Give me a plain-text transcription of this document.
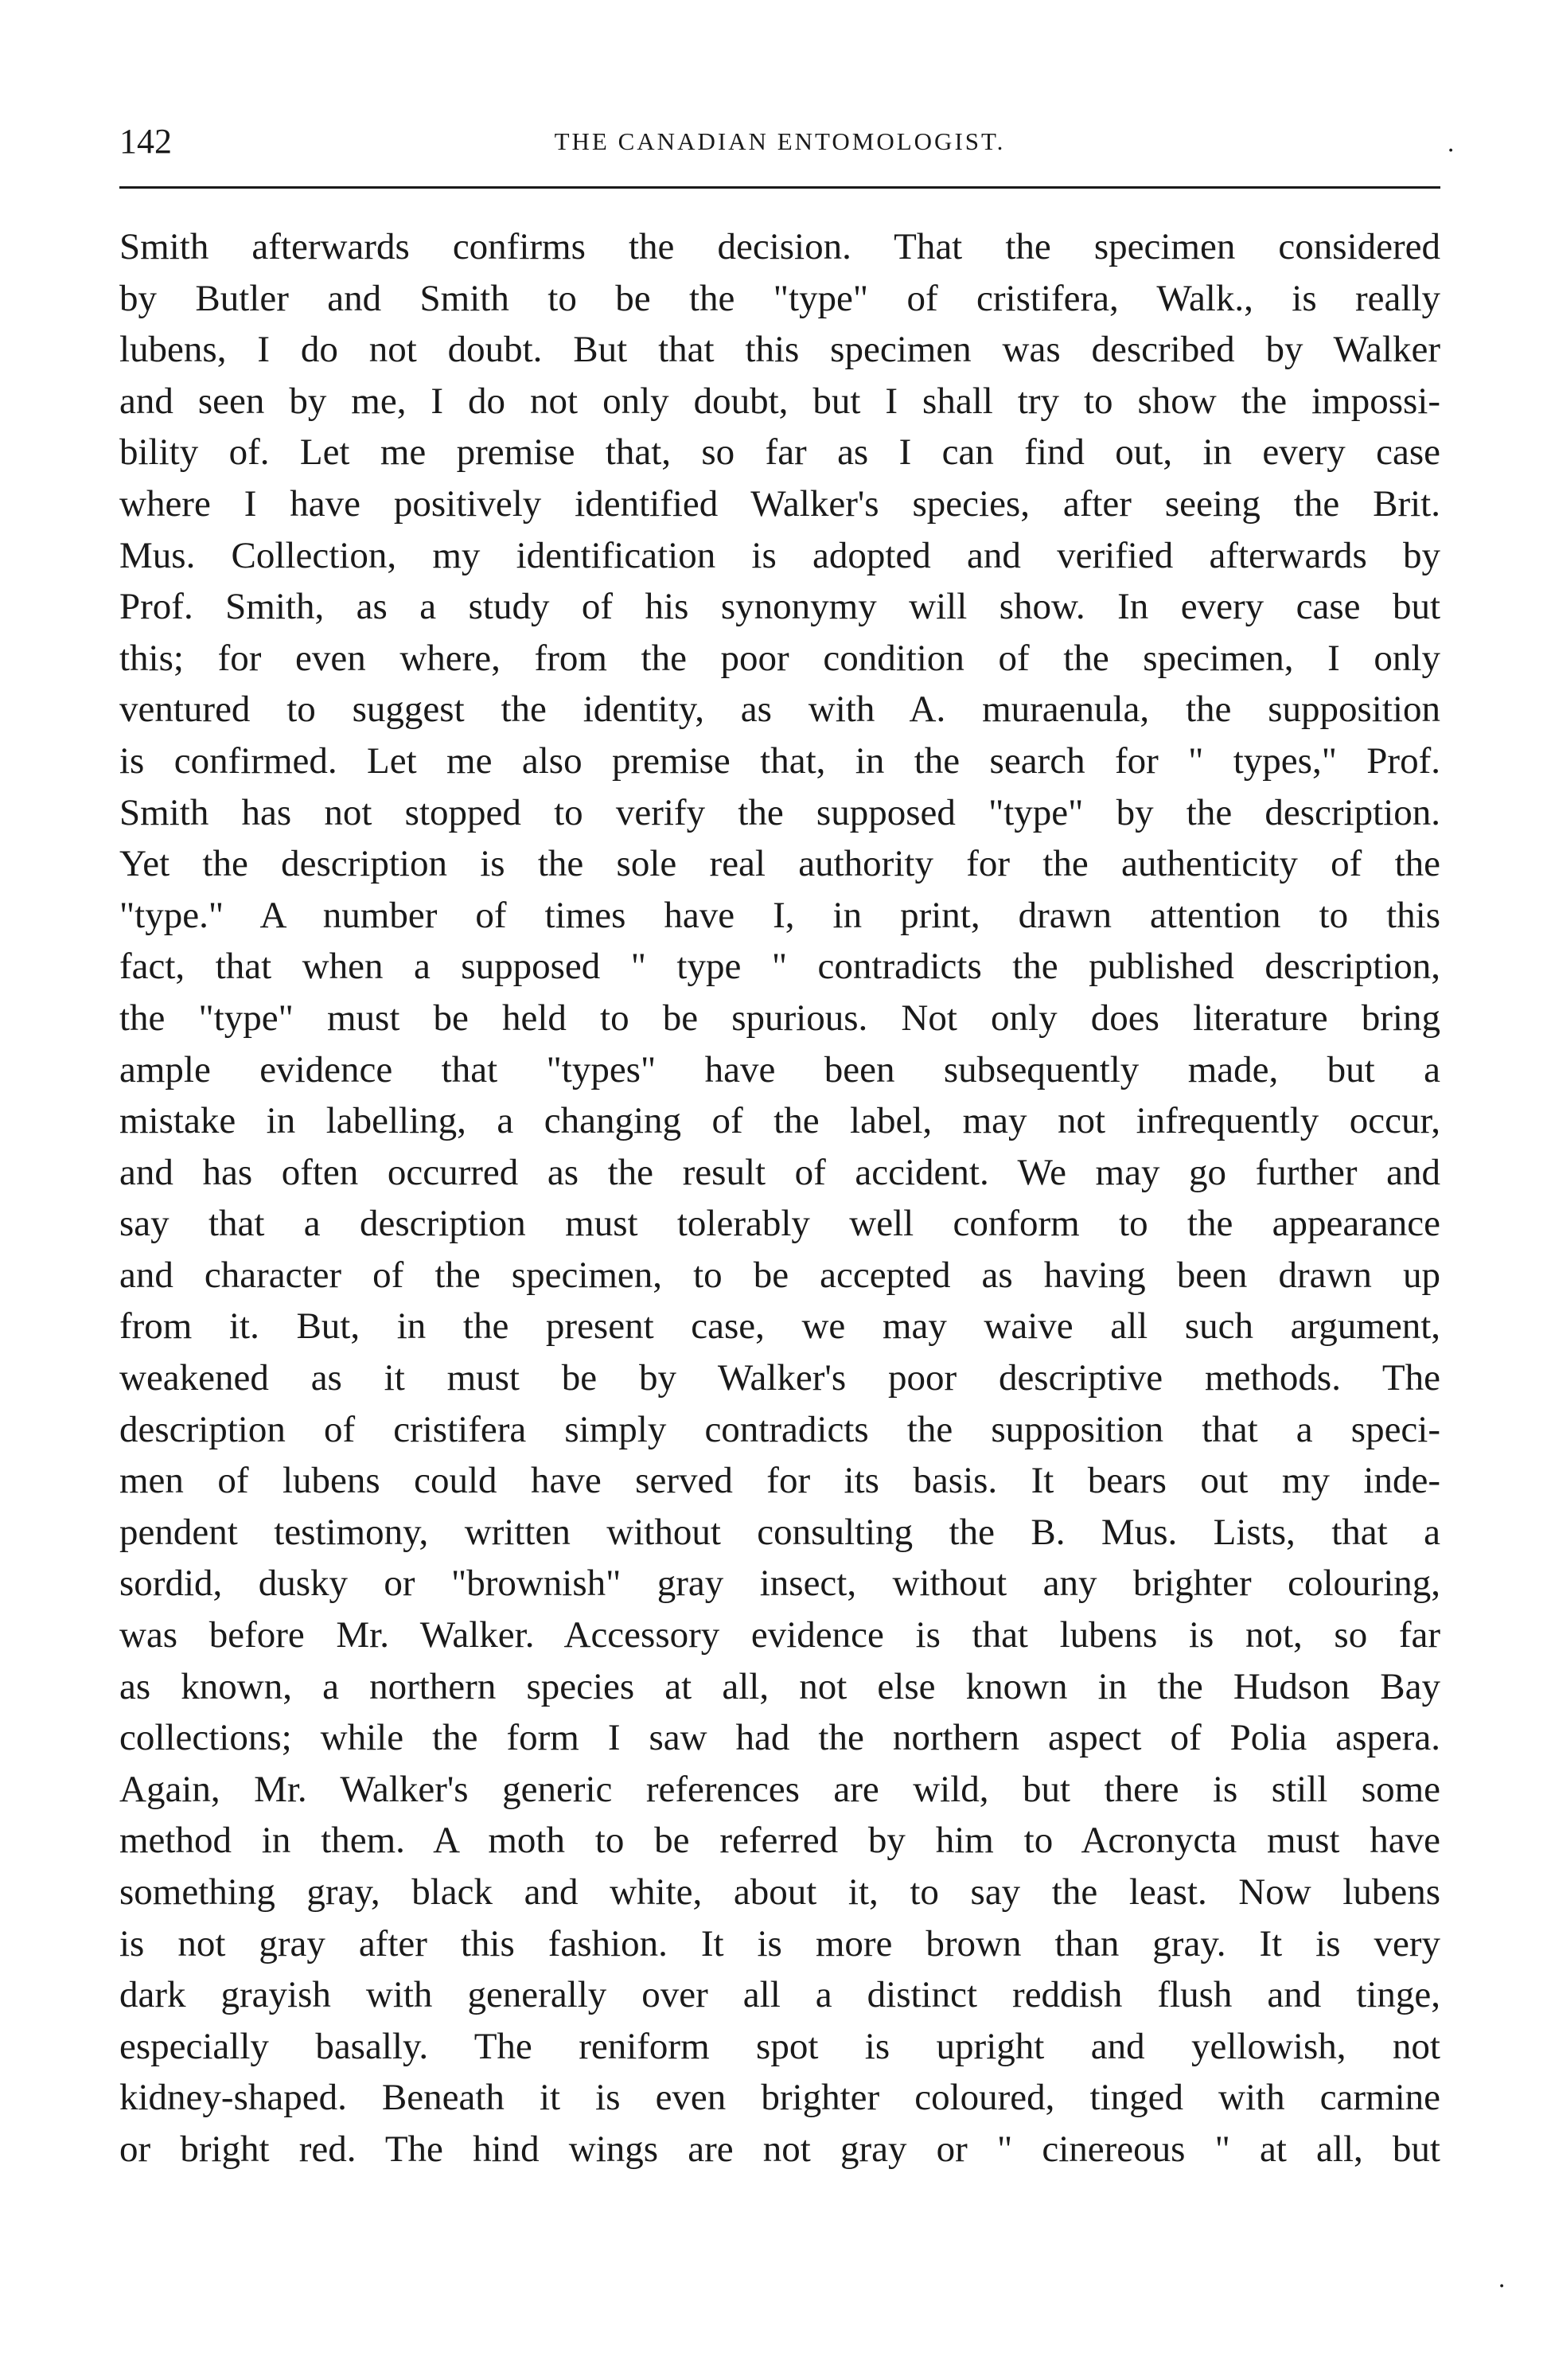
142	THE CANADIAN ENTOMOLOGIST.
Smith afterwards confirms the decision. That the specimen considered
by Butler and Smith to be the "type" of cristifera, Walk., is really
lubens, I do not doubt. But that this specimen was described by Walker
and seen by me, I do not only doubt, but I shall try to show the impossi-
bility of. Let me premise that, so far as I can find out, in every case
where I have positively identified Walker's species, after seeing the Brit.
Mus. Collection, my identification is adopted and verified afterwards by
Prof. Smith, as a study of his synonymy will show. In every case but
this; for even where, from the poor condition of the specimen, I only
ventured to suggest the identity, as with A. muraenula, the supposition
is confirmed. Let me also premise that, in the search for " types," Prof.
Smith has not stopped to verify the supposed "type" by the description.
Yet the description is the sole real authority for the authenticity of the
"type." A number of times have I, in print, drawn attention to this
fact, that when a supposed " type " contradicts the published description,
the "type" must be held to be spurious. Not only does literature bring
ample evidence that "types" have been subsequently made, but a
mistake in labelling, a changing of the label, may not infrequently occur,
and has often occurred as the result of accident. We may go further and
say that a description must tolerably well conform to the appearance
and character of the specimen, to be accepted as having been drawn up
from it. But, in the present case, we may waive all such argument,
weakened as it must be by Walker's poor descriptive methods. The
description of cristifera simply contradicts the supposition that a speci-
men of lubens could have served for its basis. It bears out my inde-
pendent testimony, written without consulting the B. Mus. Lists, that a
sordid, dusky or "brownish" gray insect, without any brighter colouring,
was before Mr. Walker. Accessory evidence is that lubens is not, so far
as known, a northern species at all, not else known in the Hudson Bay
collections; while the form I saw had the northern aspect of Polia aspera.
Again, Mr. Walker's generic references are wild, but there is still some
method in them. A moth to be referred by him to Acronycta must have
something gray, black and white, about it, to say the least. Now lubens
is not gray after this fashion. It is more brown than gray. It is very
dark grayish with generally over all a distinct reddish flush and tinge,
especially basally. The reniform spot is upright and yellowish, not
kidney-shaped. Beneath it is even brighter coloured, tinged with carmine
or bright red. The hind wings are not gray or " cinereous " at all, but
⋅
⋅
